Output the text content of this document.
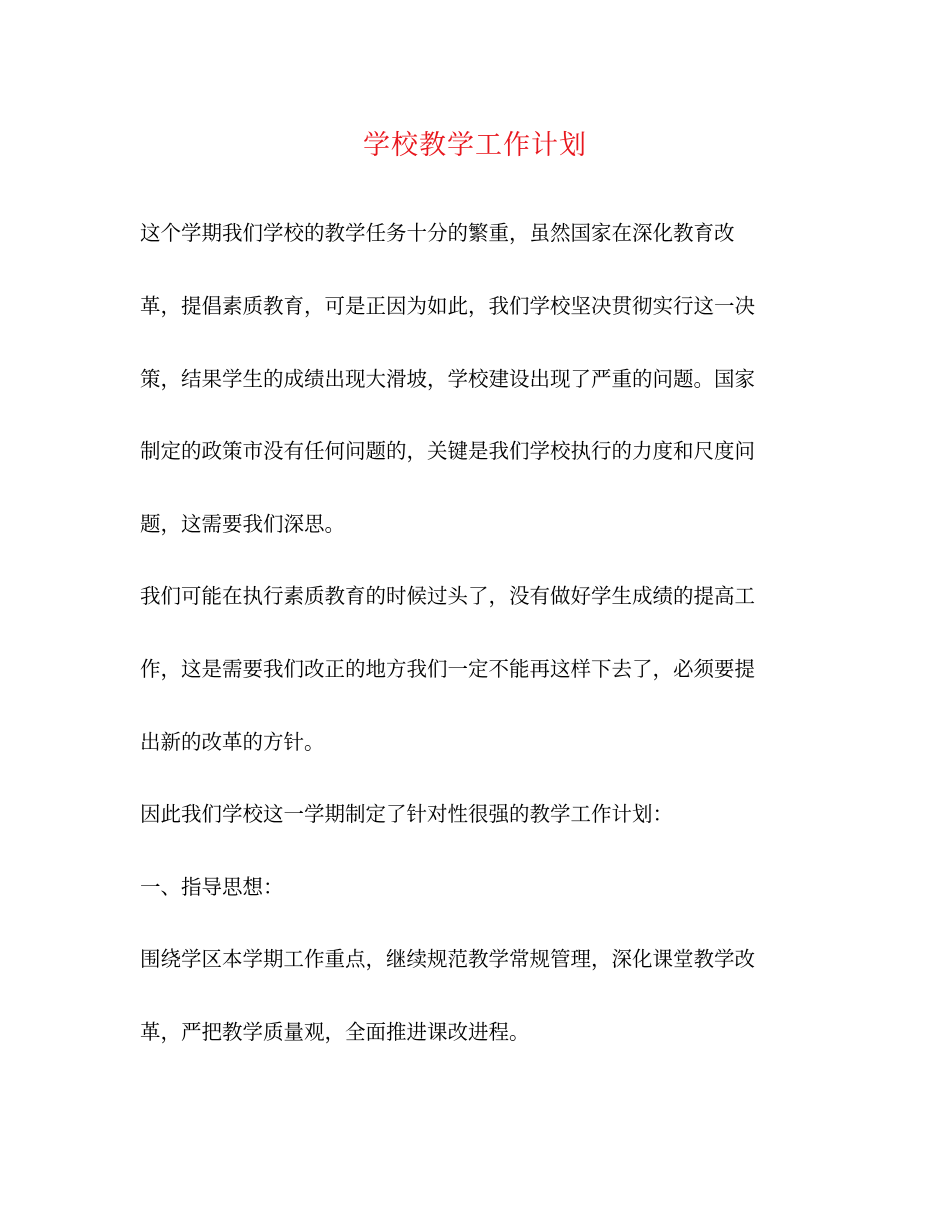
学校教学工作计划

这个学期我们学校的教学任务十分的繁重，虽然国家在深化教育改

革，提倡素质教育，可是正因为如此，我们学校坚决贯彻实行这一决

策，结果学生的成绩出现大滑坡，学校建设出现了严重的问题。国家

制定的政策市没有任何问题的，关键是我们学校执行的力度和尺度问

题，这需要我们深思。

我们可能在执行素质教育的时候过头了，没有做好学生成绩的提高工

作，这是需要我们改正的地方我们一定不能再这样下去了，必须要提

出新的改革的方针。

因此我们学校这一学期制定了针对性很强的教学工作计划：

一、指导思想：

围绕学区本学期工作重点，继续规范教学常规管理，深化课堂教学改

革，严把教学质量观，全面推进课改进程。
